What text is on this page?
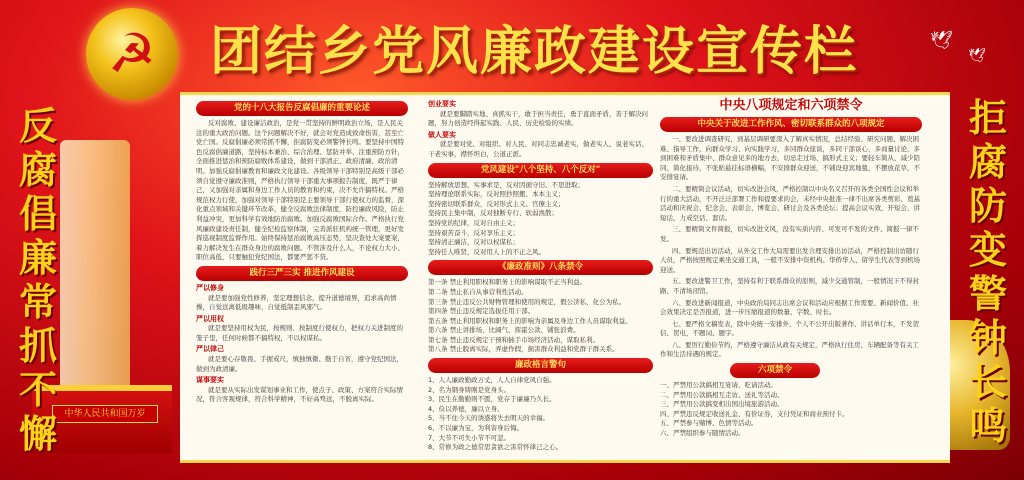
☭	团结乡党风廉政建设宣传栏	🕊
🕊
中华人民共和国万岁
反
腐
倡
廉
常
抓
不
懈
拒
腐
防
变
警
钟
长
鸣
党的十八大报告反腐倡廉的重要论述

反对腐败、建设廉洁政治，是党一贯坚持的鲜明政治立场，是人民关注的重大政治问题。这个问题解决不好，就会对党造成致命伤害，甚至亡党亡国。反腐倡廉必须常抓不懈，拒腐防变必须警钟长鸣。要坚持中国特色反腐倡廉道路，坚持标本兼治、综合治理、惩防并举、注重预防方针，全面推进惩治和预防腐败体系建设，做到干部清正、政府清廉、政治清明。加强反腐倡廉教育和廉政文化建设。各级领导干部特别是高级干部必须自觉遵守廉政准则，严格执行领导干部重大事项报告制度，既严于律己，又加强对亲属和身边工作人员的教育和约束，决不允许搞特权。严格规范权力行使，加强对领导干部特别是主要领导干部行使权力的监督，深化重点领域和关键环节改革，健全反腐败法律制度，防控廉政风险，防止利益冲突，更加科学有效地防治腐败。加强反腐败国际合作。严格执行党风廉政建设责任制，健全纪检监察体制，完善派驻机构统一管理，更好发挥巡视制度监督作用。始终保持惩治腐败高压态势，坚决查处大案要案，着力解决发生在群众身边的腐败问题。不管涉及什么人，不论权力大小、职位高低，只要触犯党纪国法，都要严惩不贷。

践行三严三实 推进作风建设
严以修身

就是要加强党性修养，坚定理想信念，提升道德境界，追求高尚情操，自觉远离低级趣味，自觉抵制歪风邪气。

严以用权

就是要坚持用权为民，按规则、按制度行使权力，把权力关进制度的笼子里，任何时候都不搞特权，不以权谋私。

严以律己

就是要心存敬畏、手握戒尺，慎独慎微、勤于自省，遵守党纪国法，做到为政清廉。

谋事要实

就是要从实际出发谋划事业和工作，使点子、政策、方案符合实际情况，符合客观规律，符合科学精神，不好高骛远，不脱离实际。

创业要实

就是要脚踏实地、真抓实干，敢于担当责任，勇于直面矛盾，善于解决问题，努力创造经得起实践、人民、历史检验的实绩。

做人要实

就是要对党、对组织、对人民、对同志忠诚老实，做老实人、说老实话、干老实事，襟怀坦白，公道正派。

党风建设"八个坚持、八个反对"
坚持解放思想、实事求是，反对因循守旧、不思进取；
坚持理论联系实际，反对照抄照搬、本本主义；
坚持密切联系群众，反对形式主义、官僚主义；
坚持民主集中制，反对独断专行、软弱涣散；
坚持党的纪律，反对自由主义；
坚持艰苦奋斗，反对享乐主义；
坚持清正廉洁，反对以权谋私；
坚持任人唯贤，反对用人上的不正之风。
《廉政准则》八条禁令
第一条 禁止利用职权和职务上的影响谋取不正当利益。
第二条 禁止私自从事营利性活动。
第三条 禁止违反公共财物管理和使用的规定，假公济私、化公为私。
第四条 禁止违反规定选拔任用干部。
第五条 禁止利用职权和职务上的影响为亲属及身边工作人员谋取利益。
第六条 禁止讲排场、比阔气、挥霍公款、铺张浪费。
第七条 禁止违反规定干预和插手市场经济活动，谋取私利。
第八条 禁止脱离实际，弄虚作假，损害群众利益和党群干群关系。
廉政格言警句
1、人人廉政勤政万丈，人人自律党风自强。
2、名为钢身铸刚是党身头。
3、民生在勤勤则不匮，党存于廉廉乃久长。
4、俭以养德，廉以立身。
5、当不住今天的诱惑将失去明天的幸福。
6、不以廉为宝，为利害身后悔。
7、大节不可失小节不可忽。
8、常修为政之德常思贪欲之害常怀律己之心。
中央八项规定和六项禁令
中央关于改进工作作风、密切联系群众的八项规定

一、要改进调查研究，到基层调研要深入了解真实情况，总结经验、研究问题、解决困难、指导工作，向群众学习、向实践学习，多同群众座谈，多同干部谈心，多商量讨论，多到困难和矛盾集中、群众意见多的地方去，切忌走过场、搞形式主义；要轻车简从、减少陪同、简化接待，不张贴悬挂标语横幅，不安排群众迎送，不铺设迎宾地毯，不摆放花草，不安排宴请。

二、要精简会议活动，切实改进会风，严格控制以中央名义召开的各类全国性会议和举行的重大活动，不开泛泛部署工作和提要求的会，未经中央批准一律不出席各类剪彩、奠基活动和庆祝会、纪念会、表彰会、博览会、研讨会及各类论坛；提高会议实效，开短会、讲短话，力戒空话、套话。

三、要精简文件简报，切实改进文风，没有实质内容、可发可不发的文件、简报一律不发。

四、要规范出访活动，从外交工作大局需要出发合理安排出访活动，严格控制出访随行人员，严格按照规定乘坐交通工具，一般不安排中资机构、华侨华人、留学生代表等到机场迎送。

五、要改进警卫工作，坚持有利于联系群众的原则，减少交通管制，一般情况下不得封路、不清场闭馆。

六、要改进新闻报道，中央政治局同志出席会议和活动应根据工作需要、新闻价值、社会效果决定是否报道，进一步压缩报道的数量、字数、时长。

七、要严格文稿发表，除中央统一安排外，个人不公开出版著作、讲话单行本，不发贺信、贺电，不题词、题字。

八、要厉行勤俭节约，严格遵守廉洁从政有关规定，严格执行住房、车辆配备等有关工作和生活待遇的规定。

六项禁令
一、严禁用公款搞相互宴请、吃请活动。
二、严禁用公款搞相互走访、送礼等活动。
三、严禁用公款搞变相出国出境旅游活动。
四、严禁违反规定收送礼金、有价证券，支付凭证和商业预付卡。
五、严禁参与赌博、色情等活动。
六、严禁组织参与随情活动。
